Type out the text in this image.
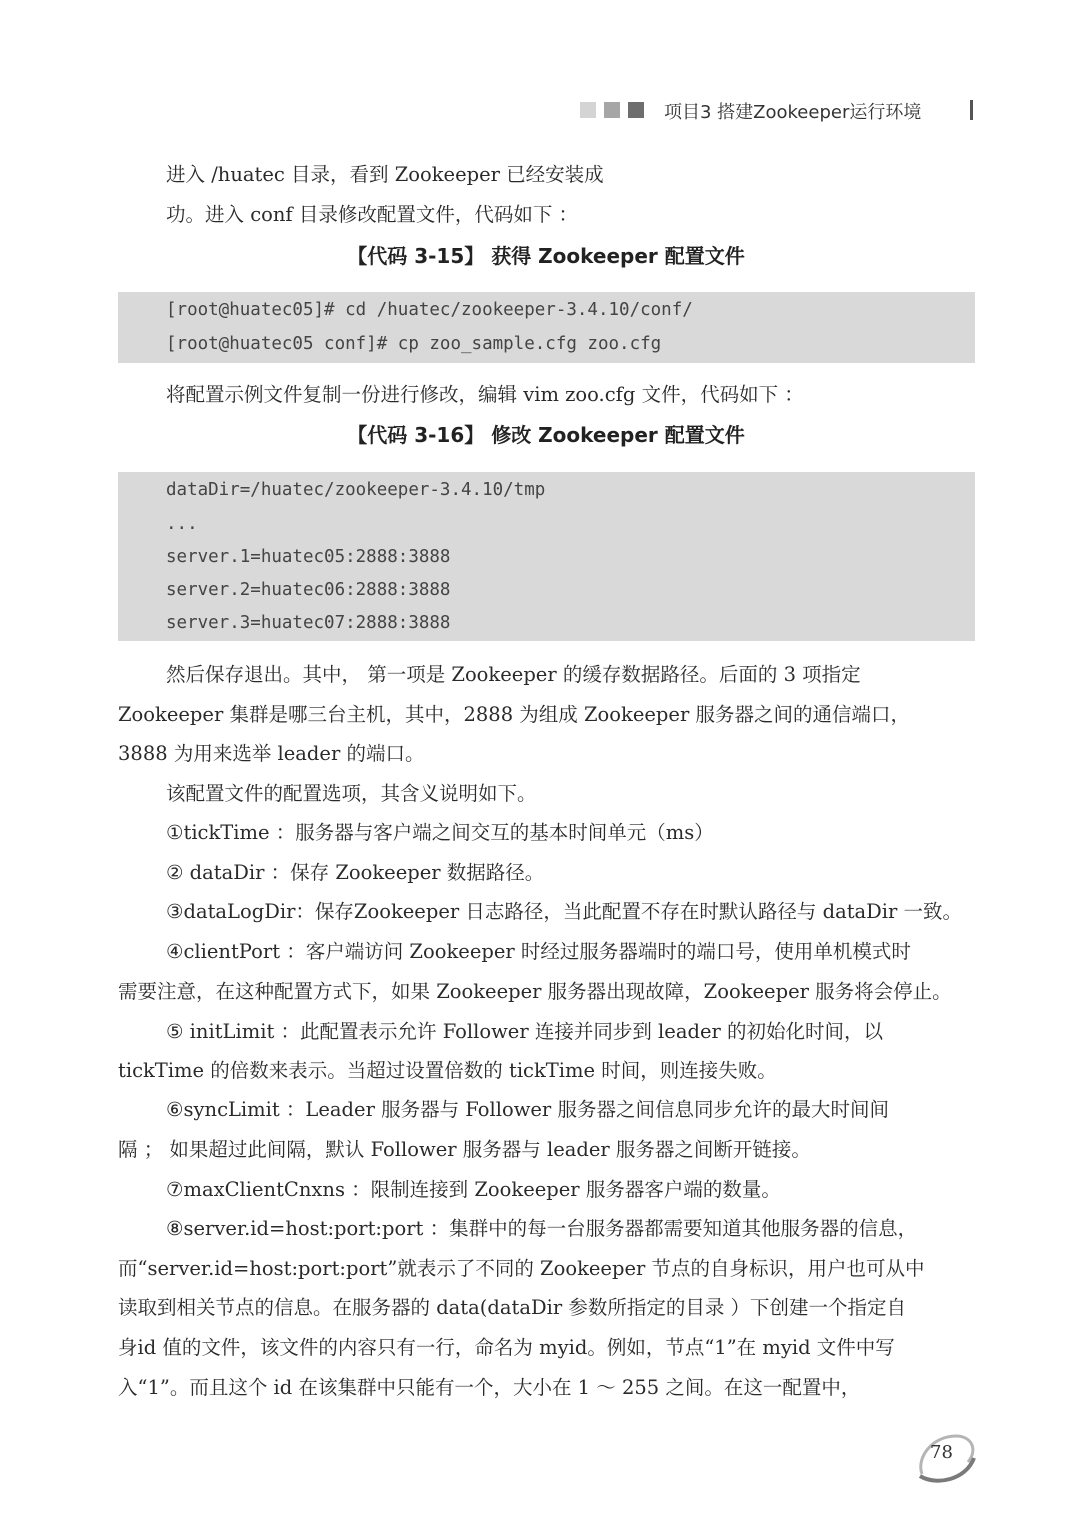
项目3 搭建Zookeeper运行环境
进入 /huatec 目录，看到 Zookeeper 已经安装成
功。进入 conf 目录修改配置文件，代码如下 ：
【代码 3-15】 获得 Zookeeper 配置文件
[root@huatec05]# cd /huatec/zookeeper-3.4.10/conf/
[root@huatec05 conf]# cp zoo_sample.cfg zoo.cfg
将配置示例文件复制一份进行修改，编辑 vim zoo.cfg 文件，代码如下 ：
【代码 3-16】 修改 Zookeeper 配置文件
dataDir=/huatec/zookeeper-3.4.10/tmp
...
server.1=huatec05:2888:3888
server.2=huatec06:2888:3888
server.3=huatec07:2888:3888
然后保存退出。其中， 第一项是 Zookeeper 的缓存数据路径。后面的 3 项指定
Zookeeper 集群是哪三台主机，其中，2888 为组成 Zookeeper 服务器之间的通信端口，
3888 为用来选举 leader 的端口。
该配置文件的配置选项，其含义说明如下。
①tickTime ：服务器与客户端之间交互的基本时间单元（ms）
② dataDir ：保存 Zookeeper 数据路径。
③dataLogDir：保存Zookeeper 日志路径，当此配置不存在时默认路径与 dataDir 一致。
④clientPort ：客户端访问 Zookeeper 时经过服务器端时的端口号，使用单机模式时
需要注意，在这种配置方式下，如果 Zookeeper 服务器出现故障，Zookeeper 服务将会停止。
⑤ initLimit ：此配置表示允许 Follower 连接并同步到 leader 的初始化时间，以
tickTime 的倍数来表示。当超过设置倍数的 tickTime 时间，则连接失败。
⑥syncLimit ：Leader 服务器与 Follower 服务器之间信息同步允许的最大时间间
隔 ； 如果超过此间隔，默认 Follower 服务器与 leader 服务器之间断开链接。
⑦maxClientCnxns ：限制连接到 Zookeeper 服务器客户端的数量。
⑧server.id=host:port:port ：集群中的每一台服务器都需要知道其他服务器的信息，
而“server.id=host:port:port”就表示了不同的 Zookeeper 节点的自身标识，用户也可从中
读取到相关节点的信息。在服务器的 data(dataDir 参数所指定的目录 ）下创建一个指定自
身id 值的文件，该文件的内容只有一行，命名为 myid。例如，节点“1”在 myid 文件中写
入“1”。而且这个 id 在该集群中只能有一个，大小在 1 ～ 255 之间。在这一配置中，
78
